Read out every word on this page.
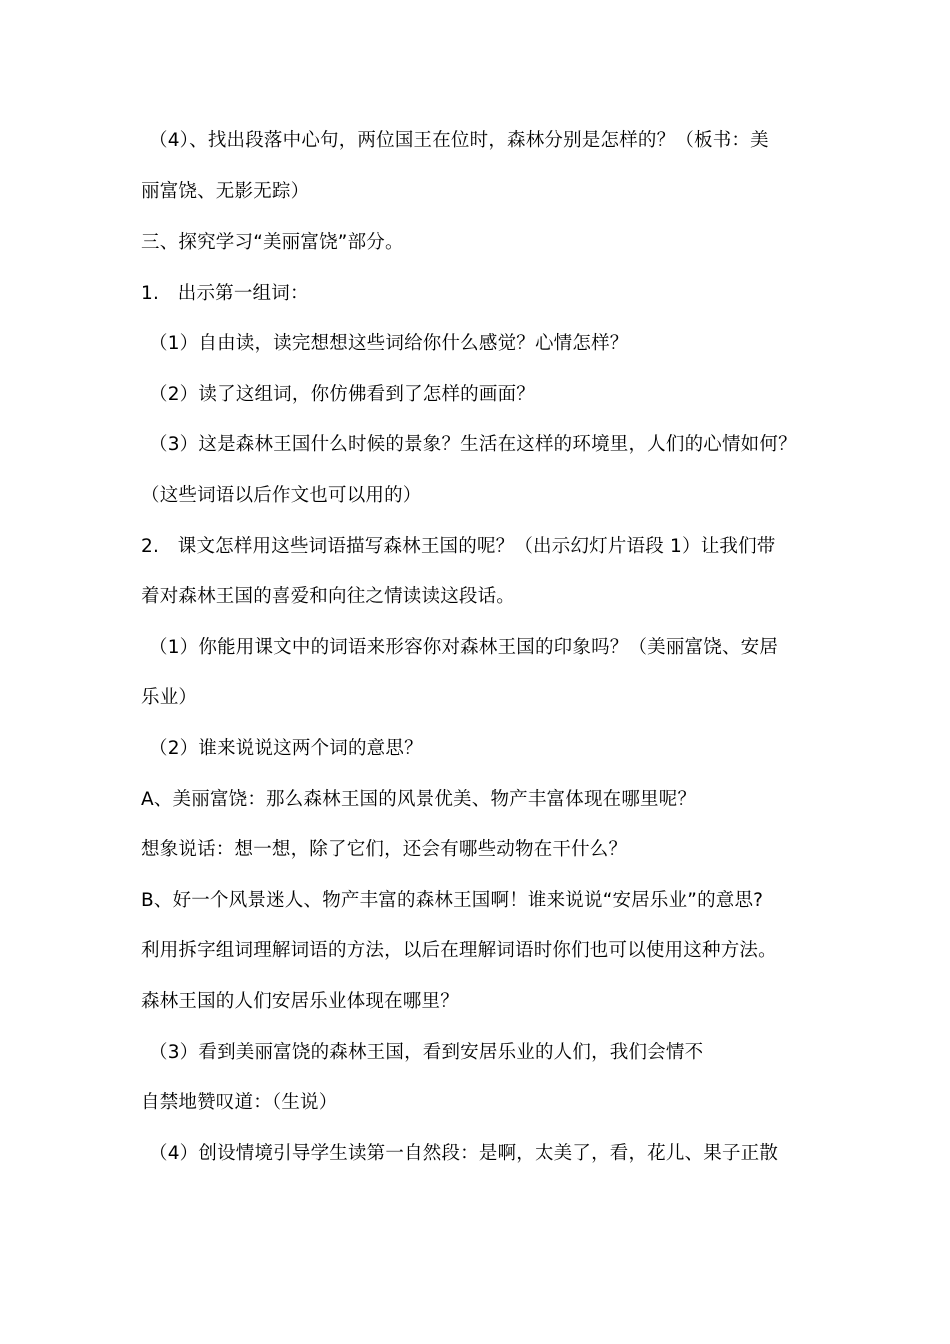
（4）、找出段落中心句，两位国王在位时，森林分别是怎样的？（板书：美
丽富饶、无影无踪）
三、探究学习“美丽富饶”部分。
1.　出示第一组词：
（1）自由读，读完想想这些词给你什么感觉？心情怎样？
（2）读了这组词，你仿佛看到了怎样的画面？
（3）这是森林王国什么时候的景象？生活在这样的环境里，人们的心情如何？
（这些词语以后作文也可以用的）
2.　课文怎样用这些词语描写森林王国的呢？（出示幻灯片语段 1）让我们带
着对森林王国的喜爱和向往之情读读这段话。
（1）你能用课文中的词语来形容你对森林王国的印象吗？（美丽富饶、安居
乐业）
（2）谁来说说这两个词的意思？
A、美丽富饶：那么森林王国的风景优美、物产丰富体现在哪里呢？
想象说话：想一想，除了它们，还会有哪些动物在干什么？
B、好一个风景迷人、物产丰富的森林王国啊！谁来说说“安居乐业”的意思?
利用拆字组词理解词语的方法，以后在理解词语时你们也可以使用这种方法。
森林王国的人们安居乐业体现在哪里？
（3）看到美丽富饶的森林王国，看到安居乐业的人们，我们会情不
自禁地赞叹道：（生说）
（4）创设情境引导学生读第一自然段：是啊，太美了，看，花儿、果子正散
